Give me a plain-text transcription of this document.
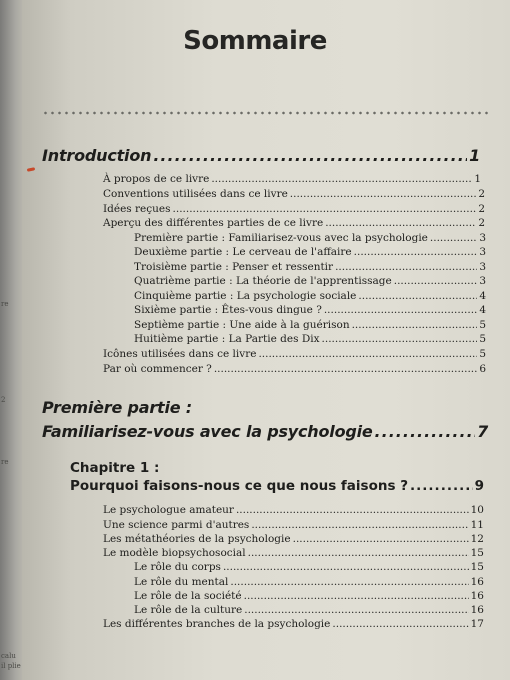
re
2
re
calu
il plie
Sommaire
Introduction .....	1
À propos de ce livre .....	1
Conventions utilisées dans ce livre .....	2
Idées reçues .....	2
Aperçu des différentes parties de ce livre .....	2
Première partie : Familiarisez-vous avec la psychologie .....	3
Deuxième partie : Le cerveau de l'affaire .....	3
Troisième partie : Penser et ressentir .....	3
Quatrième partie : La théorie de l'apprentissage .....	3
Cinquième partie : La psychologie sociale .....	4
Sixième partie : Êtes-vous dingue ? .....	4
Septième partie : Une aide à la guérison .....	5
Huitième partie : La Partie des Dix .....	5
Icônes utilisées dans ce livre .....	5
Par où commencer ? .....	6
Première partie :
Familiarisez-vous avec la psychologie .....	7
Chapitre 1 :
Pourquoi faisons-nous ce que nous faisons ? .....	9
Le psychologue amateur .....	10
Une science parmi d'autres .....	11
Les métathéories de la psychologie .....	12
Le modèle biopsychosocial .....	15
Le rôle du corps .....	15
Le rôle du mental .....	16
Le rôle de la société .....	16
Le rôle de la culture .....	16
Les différentes branches de la psychologie .....	17
